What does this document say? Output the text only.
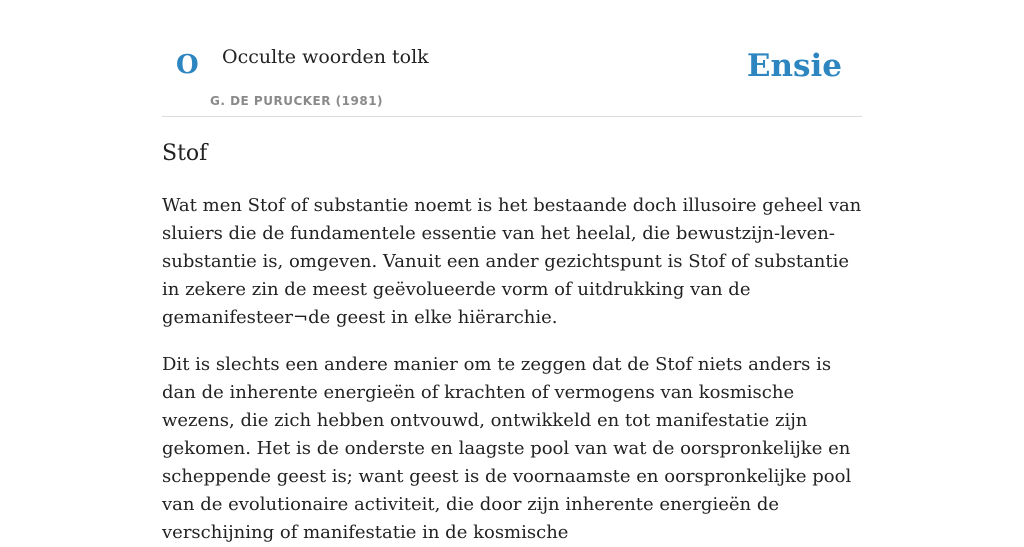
O Occulte woorden tolk
G. DE PURUCKER (1981)
Ensie
Stof

Wat men Stof of substantie noemt is het bestaande doch illusoire geheel van sluiers die de fundamentele essentie van het heelal, die bewustzijn-leven-substantie is, omgeven. Vanuit een ander gezichtspunt is Stof of substantie in zekere zin de meest geëvolueerde vorm of uitdrukking van de gemanifesteer¬de geest in elke hiërarchie.

Dit is slechts een andere manier om te zeggen dat de Stof niets anders is dan de inherente energieën of krachten of vermogens van kosmische wezens, die zich hebben ontvouwd, ontwikkeld en tot manifestatie zijn gekomen. Het is de onderste en laagste pool van wat de oorspronkelijke en scheppende geest is; want geest is de voornaamste en oorspronkelijke pool van de evolutionaire activiteit, die door zijn inherente energieën de verschijning of manifestatie in de kosmische
